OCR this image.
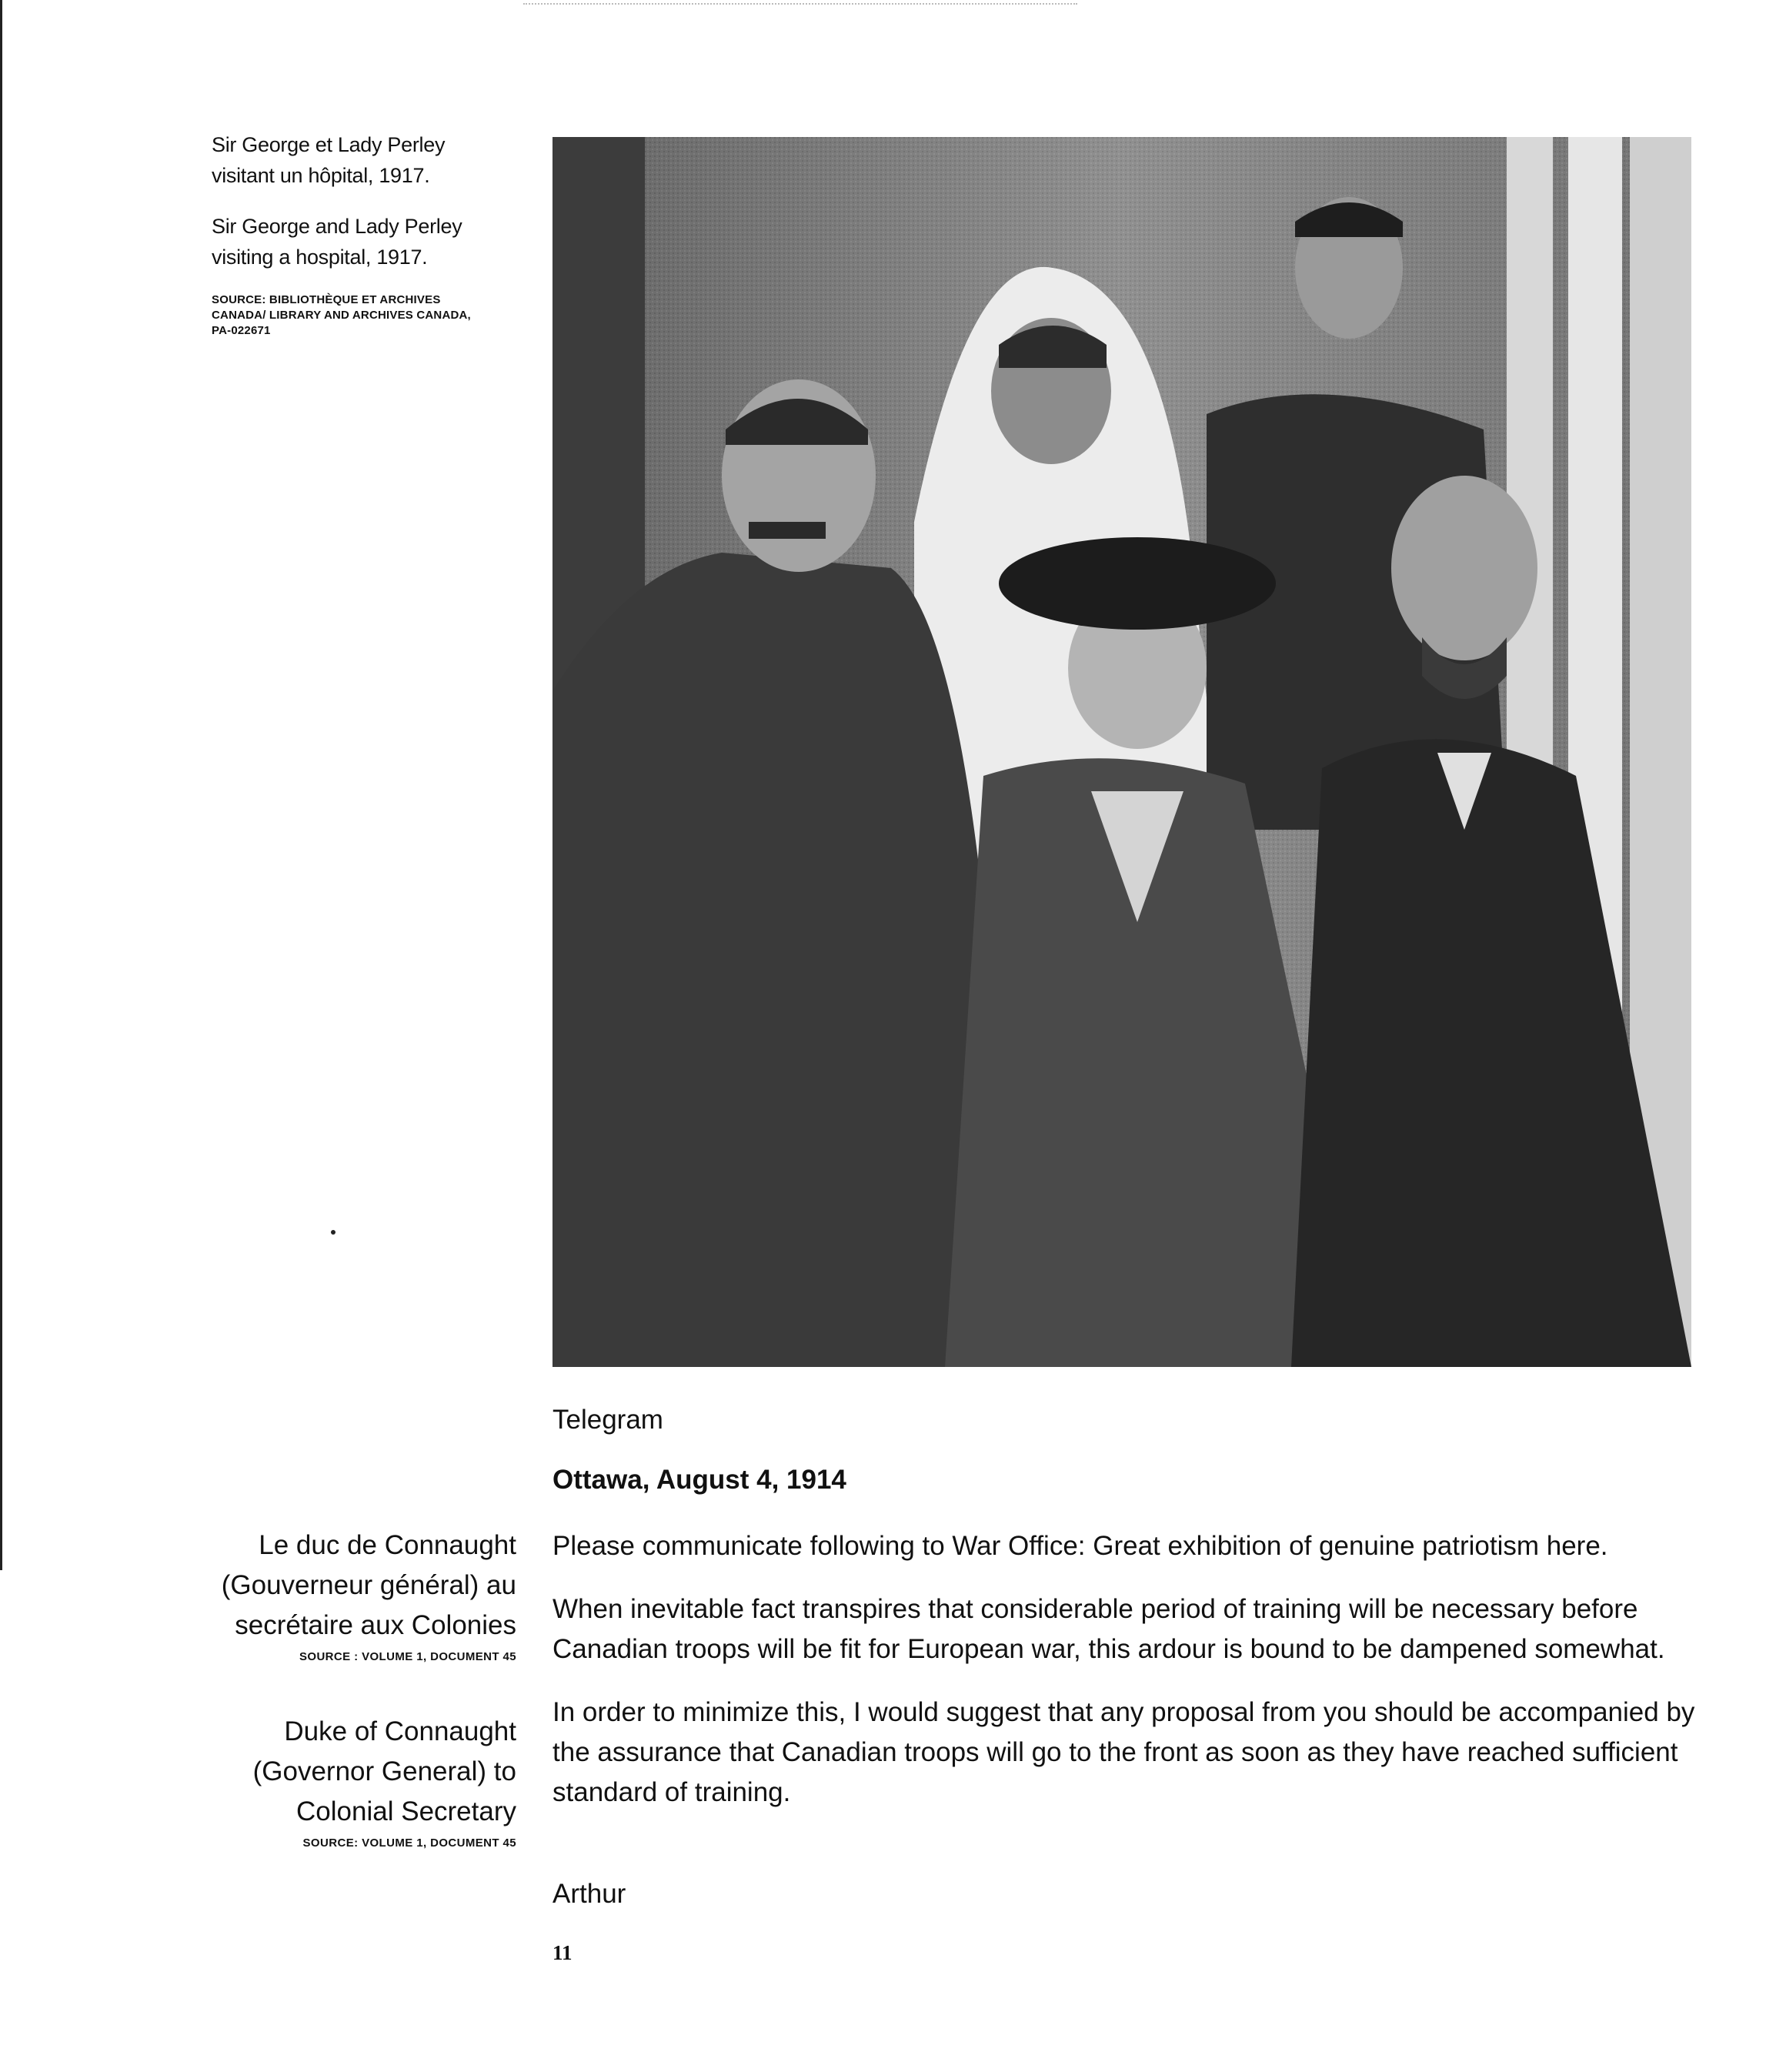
Sir George et Lady Perley
visitant un hôpital, 1917.
Sir George and Lady Perley
visiting a hospital, 1917.
SOURCE: BIBLIOTHÈQUE ET ARCHIVES
CANADA/ LIBRARY AND ARCHIVES CANADA,
PA-022671
Telegram
Ottawa, August 4, 1914

Please communicate following to War Office: Great exhibition of genuine patriotism here.

When inevitable fact transpires that considerable period of training will be necessary before Canadian troops will be fit for European war, this ardour is bound to be dampened somewhat.

In order to minimize this, I would suggest that any proposal from you should be accompanied by the assurance that Canadian troops will go to the front as soon as they have reached sufficient standard of training.

Arthur
Le duc de Connaught
(Gouverneur général) au
secrétaire aux Colonies
SOURCE : VOLUME 1, DOCUMENT 45
Duke of Connaught
(Governor General) to
Colonial Secretary
SOURCE: VOLUME 1, DOCUMENT 45
11
